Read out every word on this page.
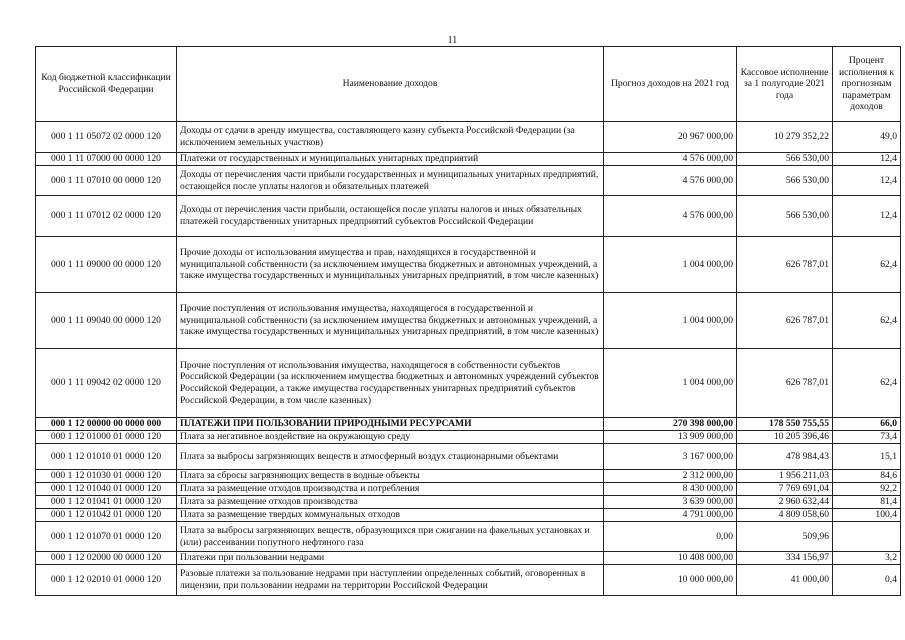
11
Код бюджетной классификации Российской Федерации	Наименование доходов	Прогноз доходов на 2021 год	Кассовое исполнение за 1 полугодие 2021 года	Процент исполнения к прогнозным параметрам доходов
000 1 11 05072 02 0000 120	Доходы от сдачи в аренду имущества, составляющего казну субъекта Российской Федерации (за исключением земельных участков)	20 967 000,00	10 279 352,22	49,0
000 1 11 07000 00 0000 120	Платежи от государственных и муниципальных унитарных предприятий	4 576 000,00	566 530,00	12,4
000 1 11 07010 00 0000 120	Доходы от перечисления части прибыли государственных и муниципальных унитарных предприятий, остающейся после уплаты налогов и обязательных платежей	4 576 000,00	566 530,00	12,4
000 1 11 07012 02 0000 120	Доходы от перечисления части прибыли, остающейся после уплаты налогов и иных обязательных платежей государственных унитарных предприятий субъектов Российской Федерации	4 576 000,00	566 530,00	12,4
000 1 11 09000 00 0000 120	Прочие доходы от использования имущества и прав, находящихся в государственной и муниципальной собственности (за исключением имущества бюджетных и автономных учреждений, а также имущества государственных и муниципальных унитарных предприятий, в том числе казенных)	1 004 000,00	626 787,01	62,4
000 1 11 09040 00 0000 120	Прочие поступления от использования имущества, находящегося в государственной и муниципальной собственности (за исключением имущества бюджетных и автономных учреждений, а также имущества государственных и муниципальных унитарных предприятий, в том числе казенных)	1 004 000,00	626 787,01	62,4
000 1 11 09042 02 0000 120	Прочие поступления от использования имущества, находящегося в собственности субъектов Российской Федерации (за исключением имущества бюджетных и автономных учреждений субъектов Российской Федерации, а также имущества государственных унитарных предприятий субъектов Российской Федерации, в том числе казенных)	1 004 000,00	626 787,01	62,4
000 1 12 00000 00 0000 000	ПЛАТЕЖИ ПРИ ПОЛЬЗОВАНИИ ПРИРОДНЫМИ РЕСУРСАМИ	270 398 000,00	178 550 755,55	66,0
000 1 12 01000 01 0000 120	Плата за негативное воздействие на окружающую среду	13 909 000,00	10 205 396,46	73,4
000 1 12 01010 01 0000 120	Плата за выбросы загрязняющих веществ в атмосферный воздух стационарными объектами	3 167 000,00	478 984,43	15,1
000 1 12 01030 01 0000 120	Плата за сбросы загрязняющих веществ в водные объекты	2 312 000,00	1 956 211,03	84,6
000 1 12 01040 01 0000 120	Плата за размещение отходов производства и потребления	8 430 000,00	7 769 691,04	92,2
000 1 12 01041 01 0000 120	Плата за размещение отходов производства	3 639 000,00	2 960 632,44	81,4
000 1 12 01042 01 0000 120	Плата за размещение твердых коммунальных отходов	4 791 000,00	4 809 058,60	100,4
000 1 12 01070 01 0000 120	Плата за выбросы загрязняющих веществ, образующихся при сжигании на факельных установках и (или) рассеивании попутного нефтяного газа	0,00	509,96	
000 1 12 02000 00 0000 120	Платежи при пользовании недрами	10 408 000,00	334 156,97	3,2
000 1 12 02010 01 0000 120	Разовые платежи за пользование недрами при наступлении определенных событий, оговоренных в лицензии, при пользовании недрами на территории Российской Федерации	10 000 000,00	41 000,00	0,4
